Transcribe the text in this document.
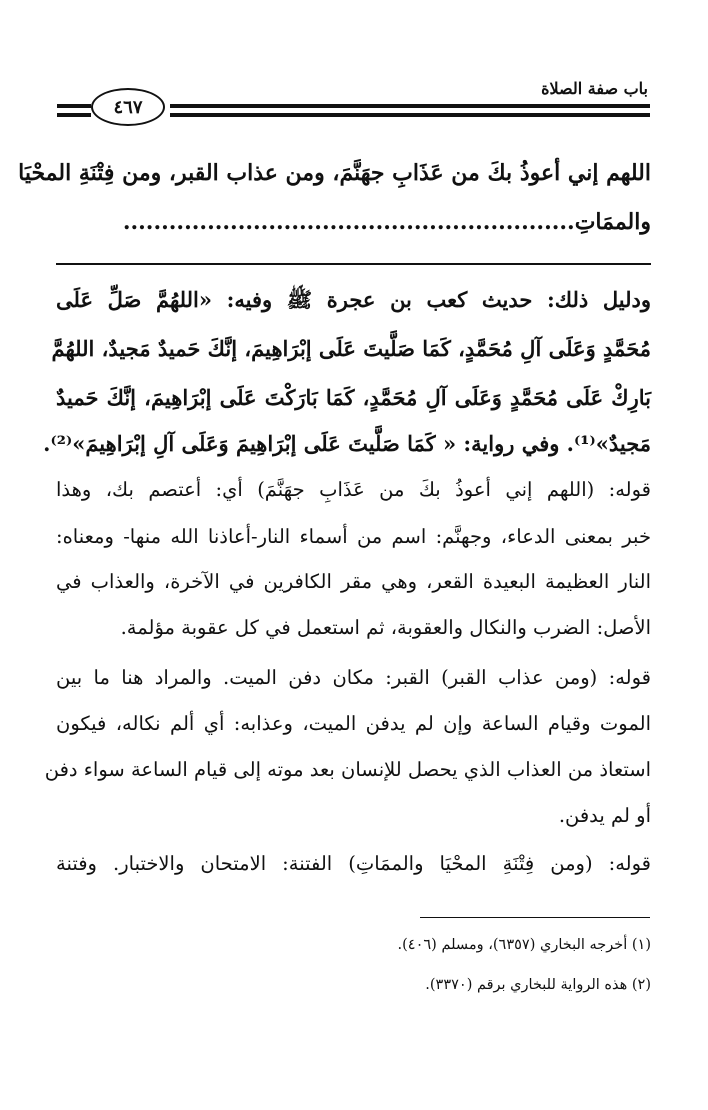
باب صفة الصلاة
٤٦٧
اللهم إني أعوذُ بكَ من عَذَابِ جهَنَّمَ، ومن عذاب القبر، ومن فِتْنَةِ المحْيَا
والممَاتِ...........................................................
ودليل ذلك: حديث كعب بن عجرة ﷺ وفيه: «اللهُمَّ صَلِّ عَلَى
مُحَمَّدٍ وَعَلَى آلِ مُحَمَّدٍ، كَمَا صَلَّيتَ عَلَى إبْرَاهِيمَ، إنَّكَ حَميدٌ مَجيدٌ، اللهُمَّ
بَارِكْ عَلَى مُحَمَّدٍ وَعَلَى آلِ مُحَمَّدٍ، كَمَا بَارَكْتَ عَلَى إبْرَاهِيمَ، إنَّكَ حَميدٌ
مَجيدٌ»⁽¹⁾. وفي رواية: « كَمَا صَلَّيتَ عَلَى إبْرَاهِيمَ وَعَلَى آلِ إبْرَاهِيمَ»⁽²⁾.
قوله: (اللهم إني أعوذُ بكَ من عَذَابِ جهَنَّمَ) أي: أعتصم بك، وهذا
خبر بمعنى الدعاء، وجهنَّم: اسم من أسماء النار-أعاذنا الله منها- ومعناه:
النار العظيمة البعيدة القعر، وهي مقر الكافرين في الآخرة، والعذاب في
الأصل: الضرب والنكال والعقوبة، ثم استعمل في كل عقوبة مؤلمة.
قوله: (ومن عذاب القبر) القبر: مكان دفن الميت. والمراد هنا ما بين
الموت وقيام الساعة وإن لم يدفن الميت، وعذابه: أي ألم نكاله، فيكون
استعاذ من العذاب الذي يحصل للإنسان بعد موته إلى قيام الساعة سواء دفن
أو لم يدفن.
قوله: (ومن فِتْنَةِ المحْيَا والممَاتِ) الفتنة: الامتحان والاختبار. وفتنة
(١) أخرجه البخاري (٦٣٥٧)، ومسلم (٤٠٦).
(٢) هذه الرواية للبخاري برقم (٣٣٧٠).
